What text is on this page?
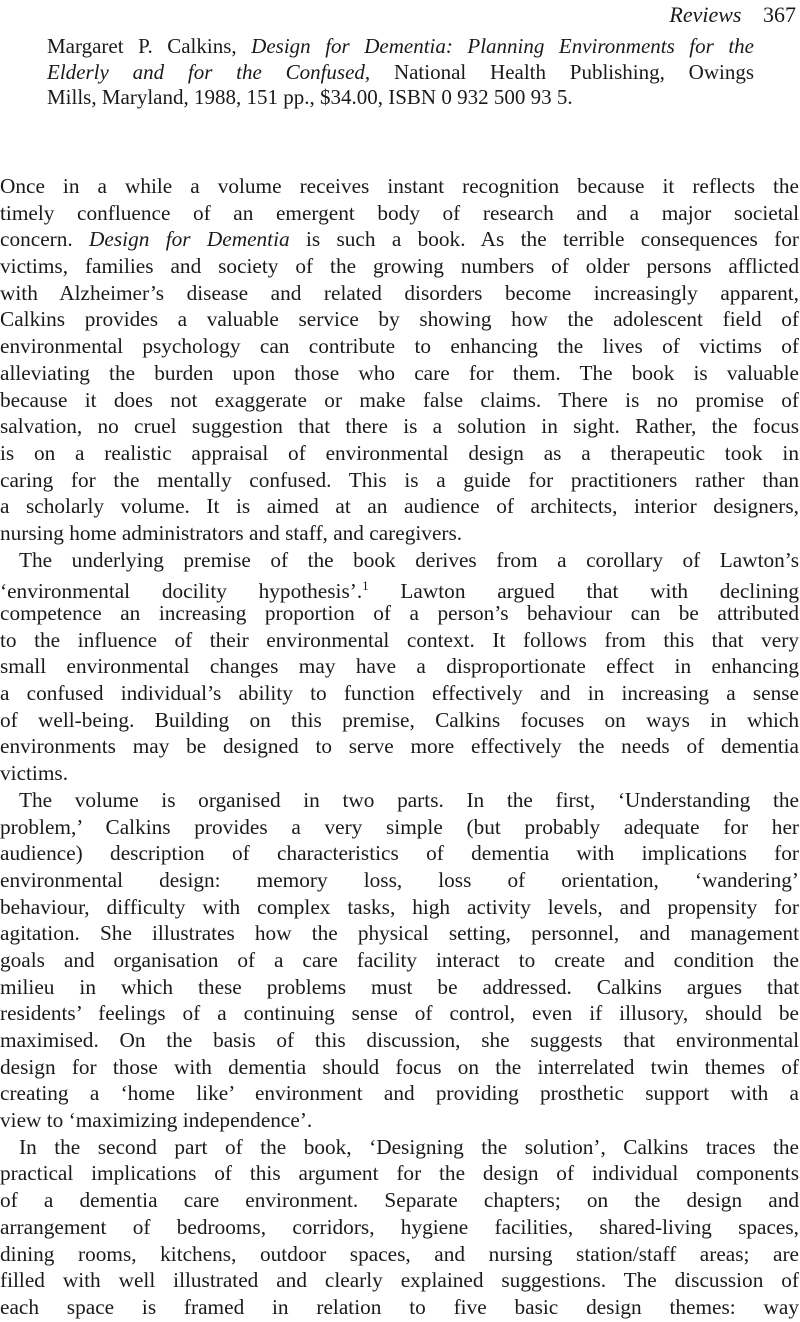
Reviews 367
Margaret P. Calkins, Design for Dementia: Planning Environments for the
Elderly and for the Confused, National Health Publishing, Owings
Mills, Maryland, 1988, 151 pp., $34.00, ISBN 0 932 500 93 5.
Once in a while a volume receives instant recognition because it reflects the
timely confluence of an emergent body of research and a major societal
concern. Design for Dementia is such a book. As the terrible consequences for
victims, families and society of the growing numbers of older persons afflicted
with Alzheimer’s disease and related disorders become increasingly apparent,
Calkins provides a valuable service by showing how the adolescent field of
environmental psychology can contribute to enhancing the lives of victims of
alleviating the burden upon those who care for them. The book is valuable
because it does not exaggerate or make false claims. There is no promise of
salvation, no cruel suggestion that there is a solution in sight. Rather, the focus
is on a realistic appraisal of environmental design as a therapeutic took in
caring for the mentally confused. This is a guide for practitioners rather than
a scholarly volume. It is aimed at an audience of architects, interior designers,
nursing home administrators and staff, and caregivers.
The underlying premise of the book derives from a corollary of Lawton’s
‘environmental docility hypothesis’.$^1$ Lawton argued that with declining
competence an increasing proportion of a person’s behaviour can be attributed
to the influence of their environmental context. It follows from this that very
small environmental changes may have a disproportionate effect in enhancing
a confused individual’s ability to function effectively and in increasing a sense
of well-being. Building on this premise, Calkins focuses on ways in which
environments may be designed to serve more effectively the needs of dementia
victims.
The volume is organised in two parts. In the first, ‘Understanding the
problem,’ Calkins provides a very simple (but probably adequate for her
audience) description of characteristics of dementia with implications for
environmental design: memory loss, loss of orientation, ‘wandering’
behaviour, difficulty with complex tasks, high activity levels, and propensity for
agitation. She illustrates how the physical setting, personnel, and management
goals and organisation of a care facility interact to create and condition the
milieu in which these problems must be addressed. Calkins argues that
residents’ feelings of a continuing sense of control, even if illusory, should be
maximised. On the basis of this discussion, she suggests that environmental
design for those with dementia should focus on the interrelated twin themes of
creating a ‘home like’ environment and providing prosthetic support with a
view to ‘maximizing independence’.
In the second part of the book, ‘Designing the solution’, Calkins traces the
practical implications of this argument for the design of individual components
of a dementia care environment. Separate chapters; on the design and
arrangement of bedrooms, corridors, hygiene facilities, shared-living spaces,
dining rooms, kitchens, outdoor spaces, and nursing station/staff areas; are
filled with well illustrated and clearly explained suggestions. The discussion of
each space is framed in relation to five basic design themes: way
